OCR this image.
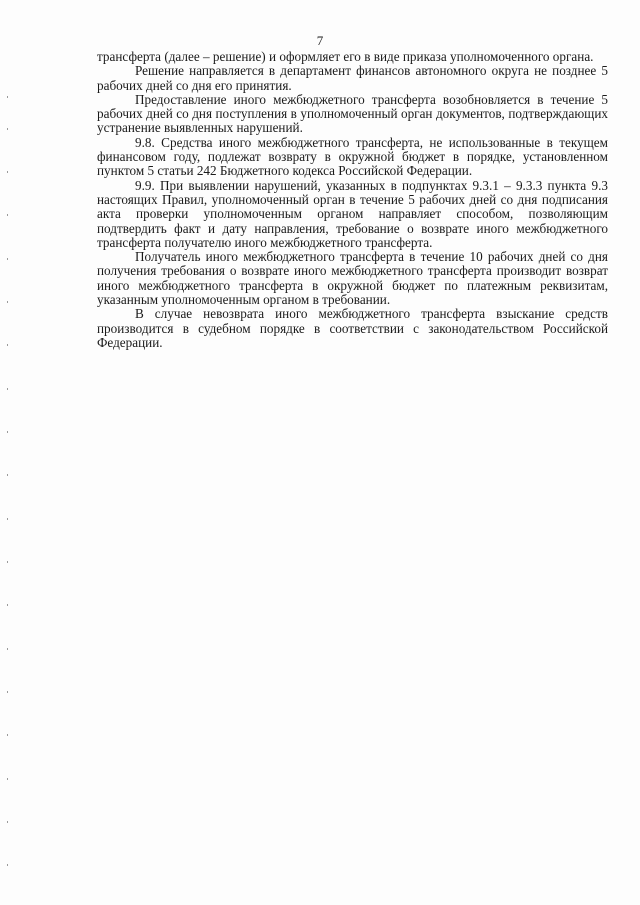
7

трансферта (далее – решение) и оформляет его в виде приказа уполномоченного органа.

Решение направляется в департамент финансов автономного округа не позднее 5 рабочих дней со дня его принятия.

Предоставление иного межбюджетного трансферта возобновляется в течение 5 рабочих дней со дня поступления в уполномоченный орган документов, подтверждающих устранение выявленных нарушений.

9.8. Средства иного межбюджетного трансферта, не использованные в текущем финансовом году, подлежат возврату в окружной бюджет в порядке, установленном пунктом 5 статьи 242 Бюджетного кодекса Российской Федерации.

9.9. При выявлении нарушений, указанных в подпунктах 9.3.1 – 9.3.3 пункта 9.3 настоящих Правил, уполномоченный орган в течение 5 рабочих дней со дня подписания акта проверки уполномоченным органом направляет способом, позволяющим подтвердить факт и дату направления, требование о возврате иного межбюджетного трансферта получателю иного межбюджетного трансферта.

Получатель иного межбюджетного трансферта в течение 10 рабочих дней со дня получения требования о возврате иного межбюджетного трансферта производит возврат иного межбюджетного трансферта в окружной бюджет по платежным реквизитам, указанным уполномоченным органом в требовании.

В случае невозврата иного межбюджетного трансферта взыскание средств производится в судебном порядке в соответствии с законодательством Российской Федерации.
